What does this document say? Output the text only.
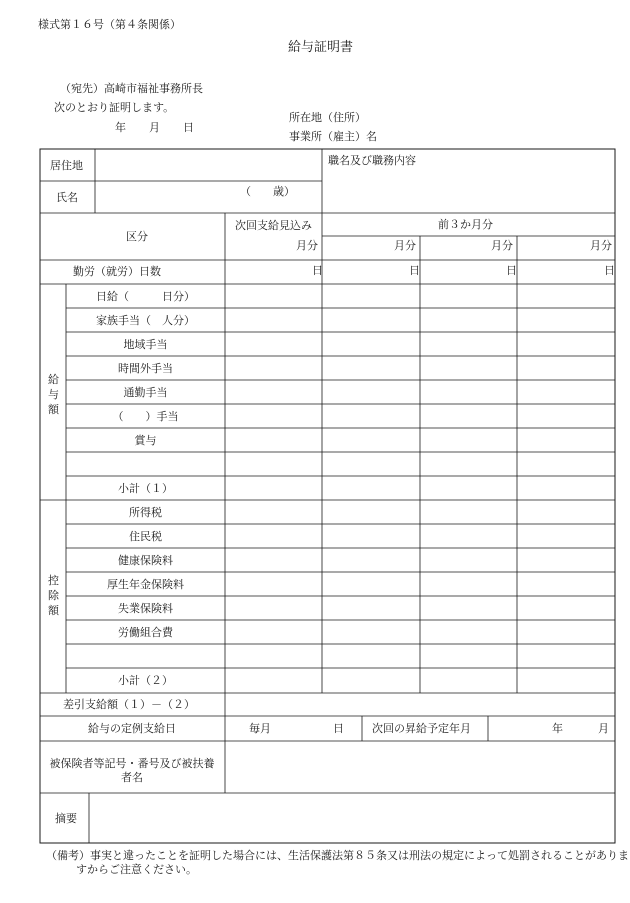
様式第１６号（第４条関係）
給与証明書
（宛先）高崎市福祉事務所長
次のとおり証明します。
年 月 日
所在地（住所）
事業所（雇主）名
居住地
氏名	（　　歳）
職名及び職務内容
区分
次回支給見込み	前３か月分
月分	月分	月分	月分
勤労（就労）日数	日	日	日	日
給与額
日給（　　　日分）
家族手当（　人分）
地域手当
時間外手当
通勤手当
（　　）手当
賞与
小計（１）
控除額
所得税
住民税
健康保険料
厚生年金保険料
失業保険料
労働組合費
小計（２）
差引支給額（１）－（２）
給与の定例支給日	毎月	日	次回の昇給予定年月	年	月
被保険者等記号・番号及び被扶養者名
摘要
（備考）事実と違ったことを証明した場合には、生活保護法第８５条又は刑法の規定によって処罰されることがありますからご注意ください。
